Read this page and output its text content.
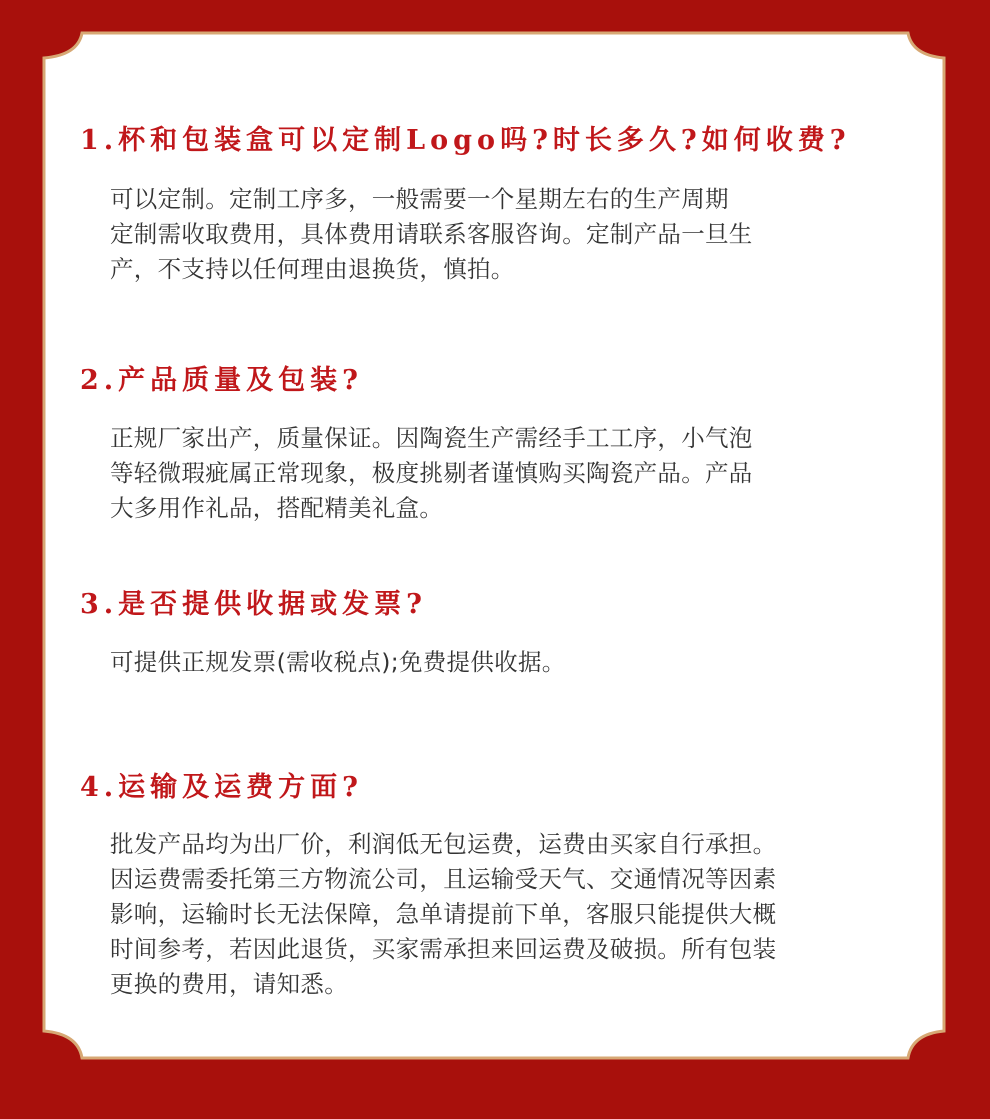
1.杯和包装盒可以定制Logo吗?时长多久?如何收费?
可以定制。定制工序多，一般需要一个星期左右的生产周期
定制需收取费用，具体费用请联系客服咨询。定制产品一旦生
产，不支持以任何理由退换货，慎拍。
2.产品质量及包装?
正规厂家出产，质量保证。因陶瓷生产需经手工工序，小气泡
等轻微瑕疵属正常现象，极度挑剔者谨慎购买陶瓷产品。产品
大多用作礼品，搭配精美礼盒。
3.是否提供收据或发票?
可提供正规发票(需收税点);免费提供收据。
4.运输及运费方面?
批发产品均为出厂价，利润低无包运费，运费由买家自行承担。
因运费需委托第三方物流公司，且运输受天气、交通情况等因素
影响，运输时长无法保障，急单请提前下单，客服只能提供大概
时间参考，若因此退货，买家需承担来回运费及破损。所有包装
更换的费用，请知悉。
